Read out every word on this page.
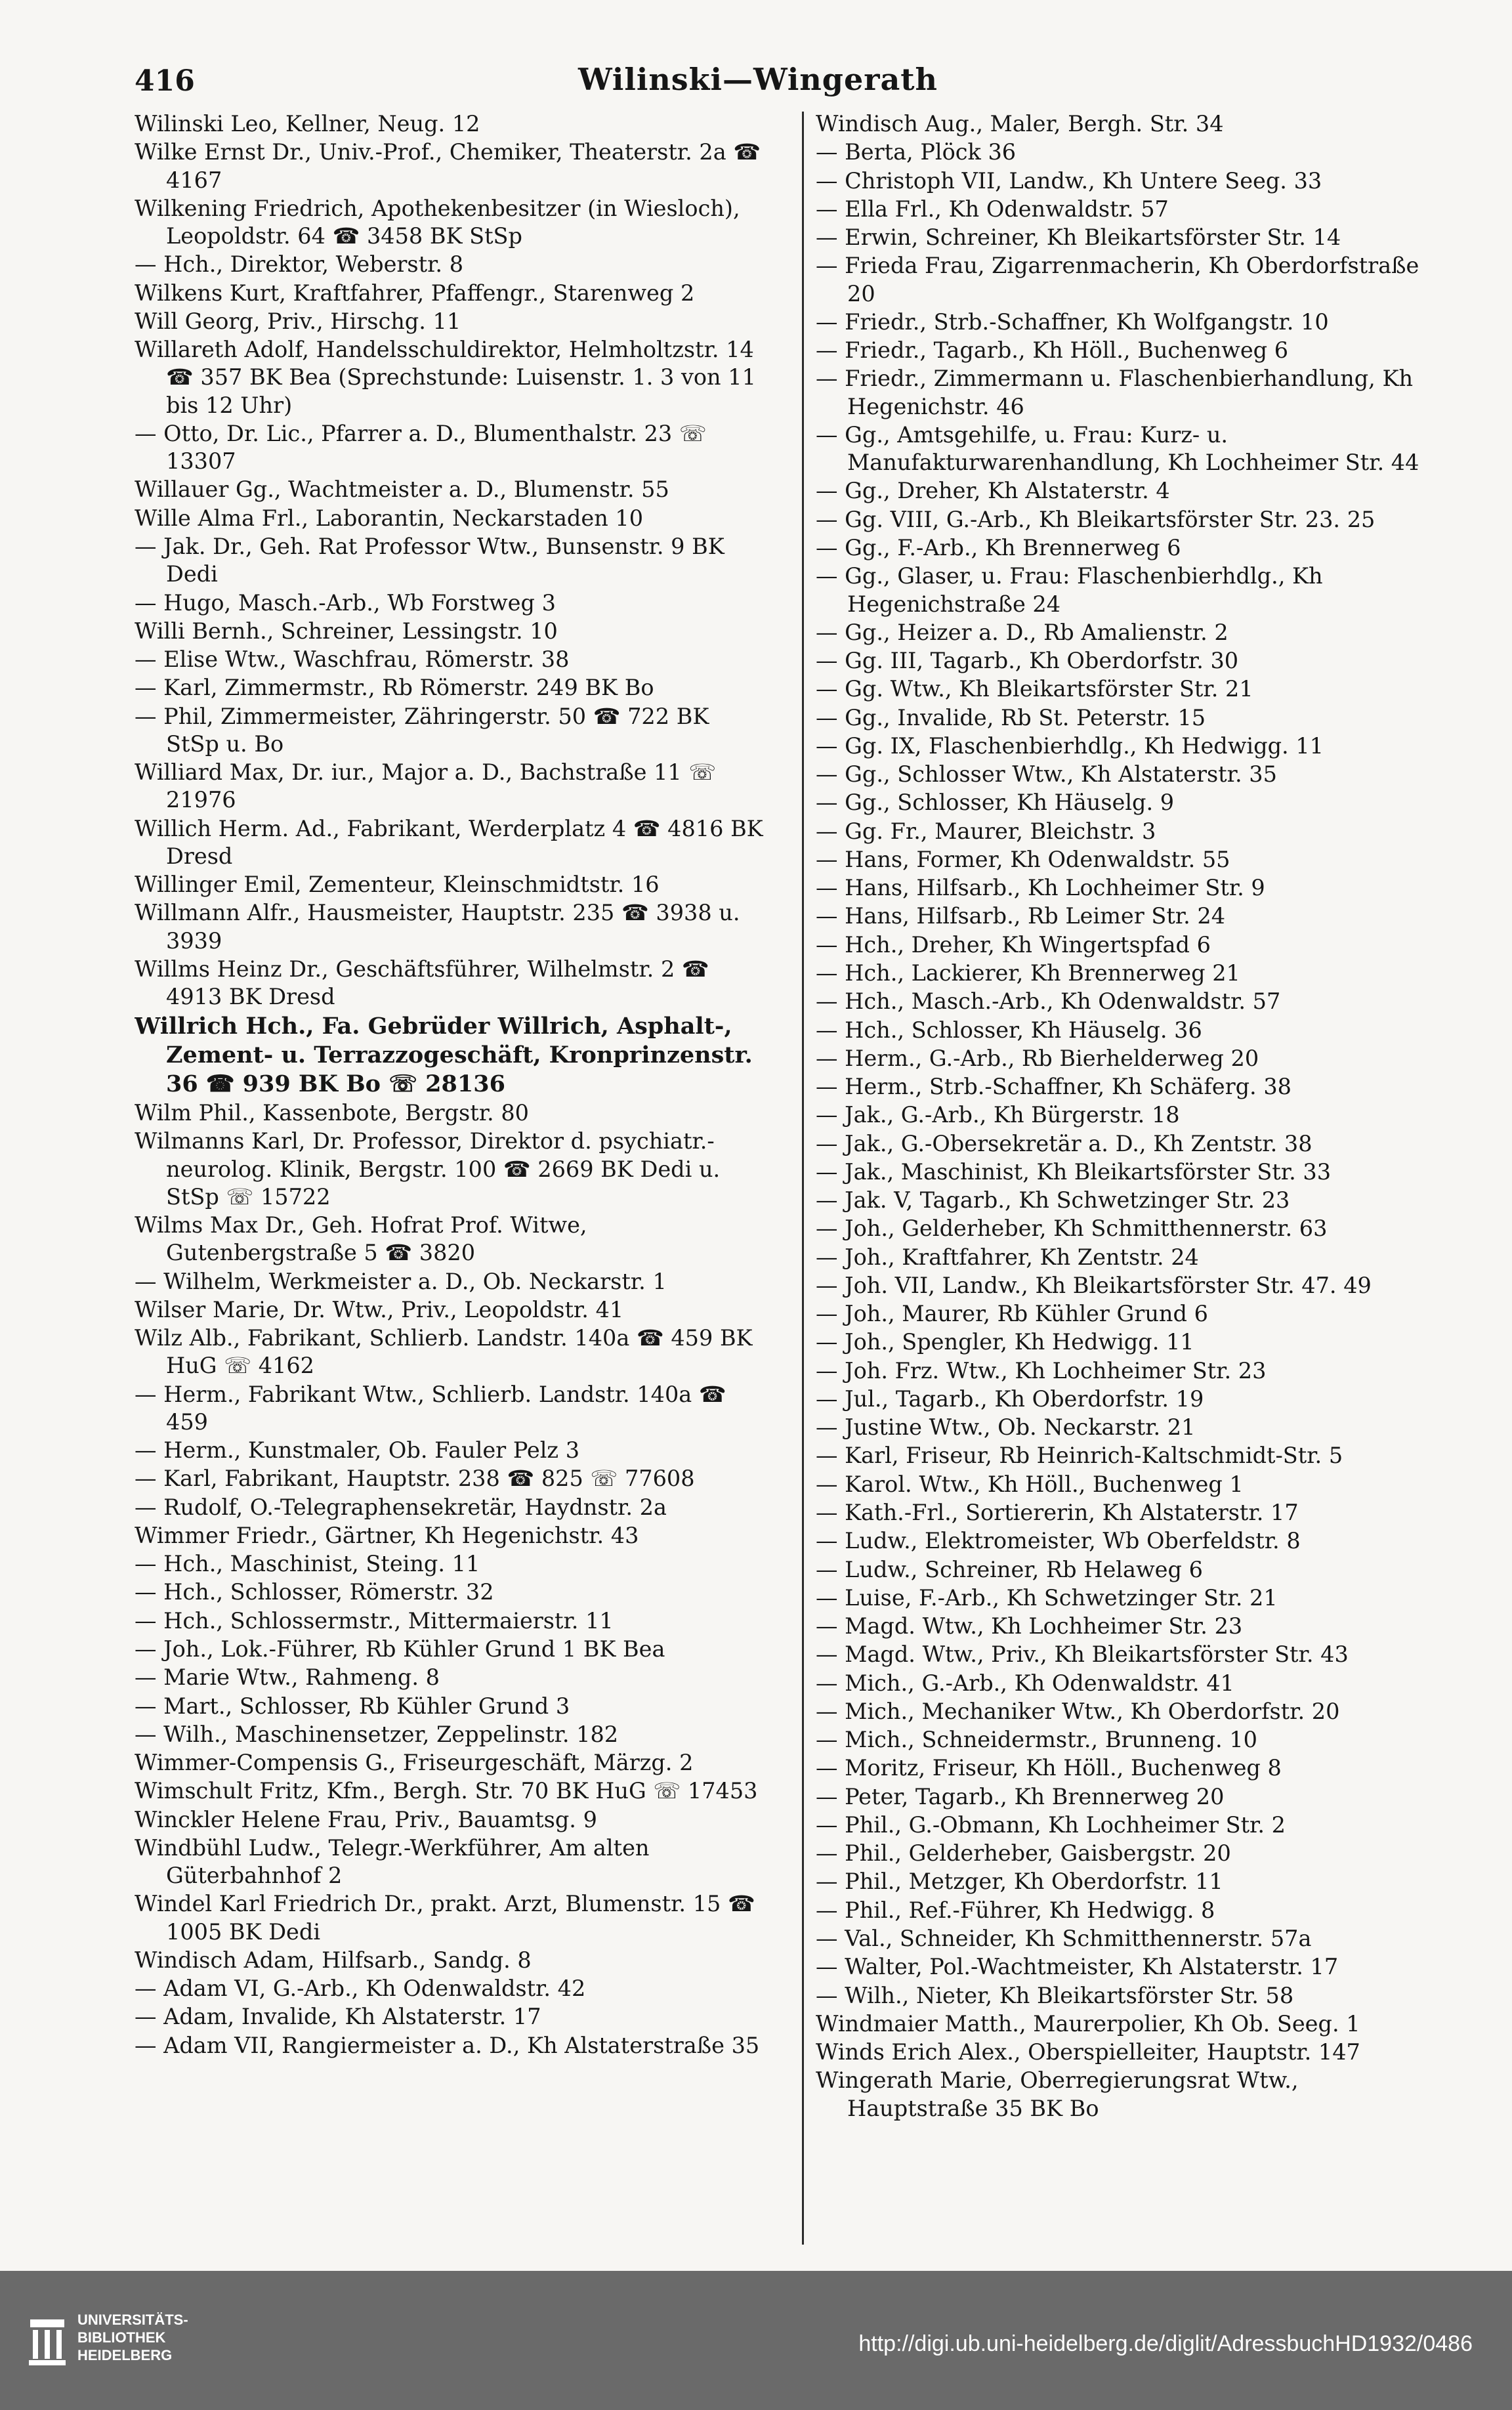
416	Wilinski—Wingerath
Wilinski Leo, Kellner, Neug. 12
Wilke Ernst Dr., Univ.-Prof., Chemiker, Theaterstr. 2a ☎ 4167
Wilkening Friedrich, Apothekenbesitzer (in Wiesloch), Leopoldstr. 64 ☎ 3458 BK StSp
— Hch., Direktor, Weberstr. 8
Wilkens Kurt, Kraftfahrer, Pfaffengr., Starenweg 2
Will Georg, Priv., Hirschg. 11
Willareth Adolf, Handelsschuldirektor, Helmholtzstr. 14 ☎ 357 BK Bea (Sprechstunde: Luisenstr. 1. 3 von 11 bis 12 Uhr)
— Otto, Dr. Lic., Pfarrer a. D., Blumenthalstr. 23 ☏ 13307
Willauer Gg., Wachtmeister a. D., Blumenstr. 55
Wille Alma Frl., Laborantin, Neckarstaden 10
— Jak. Dr., Geh. Rat Professor Wtw., Bunsenstr. 9 BK Dedi
— Hugo, Masch.-Arb., Wb Forstweg 3
Willi Bernh., Schreiner, Lessingstr. 10
— Elise Wtw., Waschfrau, Römerstr. 38
— Karl, Zimmermstr., Rb Römerstr. 249 BK Bo
— Phil, Zimmermeister, Zähringerstr. 50 ☎ 722 BK StSp u. Bo
Williard Max, Dr. iur., Major a. D., Bachstraße 11 ☏ 21976
Willich Herm. Ad., Fabrikant, Werderplatz 4 ☎ 4816 BK Dresd
Willinger Emil, Zementeur, Kleinschmidtstr. 16
Willmann Alfr., Hausmeister, Hauptstr. 235 ☎ 3938 u. 3939
Willms Heinz Dr., Geschäftsführer, Wilhelmstr. 2 ☎ 4913 BK Dresd
Willrich Hch., Fa. Gebrüder Willrich, Asphalt-, Zement- u. Terrazzogeschäft, Kronprinzenstr. 36 ☎ 939 BK Bo ☏ 28136
Wilm Phil., Kassenbote, Bergstr. 80
Wilmanns Karl, Dr. Professor, Direktor d. psychiatr.-neurolog. Klinik, Bergstr. 100 ☎ 2669 BK Dedi u. StSp ☏ 15722
Wilms Max Dr., Geh. Hofrat Prof. Witwe, Gutenbergstraße 5 ☎ 3820
— Wilhelm, Werkmeister a. D., Ob. Neckarstr. 1
Wilser Marie, Dr. Wtw., Priv., Leopoldstr. 41
Wilz Alb., Fabrikant, Schlierb. Landstr. 140a ☎ 459 BK HuG ☏ 4162
— Herm., Fabrikant Wtw., Schlierb. Landstr. 140a ☎ 459
— Herm., Kunstmaler, Ob. Fauler Pelz 3
— Karl, Fabrikant, Hauptstr. 238 ☎ 825 ☏ 77608
— Rudolf, O.-Telegraphensekretär, Haydnstr. 2a
Wimmer Friedr., Gärtner, Kh Hegenichstr. 43
— Hch., Maschinist, Steing. 11
— Hch., Schlosser, Römerstr. 32
— Hch., Schlossermstr., Mittermaierstr. 11
— Joh., Lok.-Führer, Rb Kühler Grund 1 BK Bea
— Marie Wtw., Rahmeng. 8
— Mart., Schlosser, Rb Kühler Grund 3
— Wilh., Maschinensetzer, Zeppelinstr. 182
Wimmer-Compensis G., Friseurgeschäft, Märzg. 2
Wimschult Fritz, Kfm., Bergh. Str. 70 BK HuG ☏ 17453
Winckler Helene Frau, Priv., Bauamtsg. 9
Windbühl Ludw., Telegr.-Werkführer, Am alten Güterbahnhof 2
Windel Karl Friedrich Dr., prakt. Arzt, Blumenstr. 15 ☎ 1005 BK Dedi
Windisch Adam, Hilfsarb., Sandg. 8
— Adam VI, G.-Arb., Kh Odenwaldstr. 42
— Adam, Invalide, Kh Alstaterstr. 17
— Adam VII, Rangiermeister a. D., Kh Alstaterstraße 35
Windisch Aug., Maler, Bergh. Str. 34
— Berta, Plöck 36
— Christoph VII, Landw., Kh Untere Seeg. 33
— Ella Frl., Kh Odenwaldstr. 57
— Erwin, Schreiner, Kh Bleikartsförster Str. 14
— Frieda Frau, Zigarrenmacherin, Kh Oberdorfstraße 20
— Friedr., Strb.-Schaffner, Kh Wolfgangstr. 10
— Friedr., Tagarb., Kh Höll., Buchenweg 6
— Friedr., Zimmermann u. Flaschenbierhandlung, Kh Hegenichstr. 46
— Gg., Amtsgehilfe, u. Frau: Kurz- u. Manufakturwarenhandlung, Kh Lochheimer Str. 44
— Gg., Dreher, Kh Alstaterstr. 4
— Gg. VIII, G.-Arb., Kh Bleikartsförster Str. 23. 25
— Gg., F.-Arb., Kh Brennerweg 6
— Gg., Glaser, u. Frau: Flaschenbierhdlg., Kh Hegenichstraße 24
— Gg., Heizer a. D., Rb Amalienstr. 2
— Gg. III, Tagarb., Kh Oberdorfstr. 30
— Gg. Wtw., Kh Bleikartsförster Str. 21
— Gg., Invalide, Rb St. Peterstr. 15
— Gg. IX, Flaschenbierhdlg., Kh Hedwigg. 11
— Gg., Schlosser Wtw., Kh Alstaterstr. 35
— Gg., Schlosser, Kh Häuselg. 9
— Gg. Fr., Maurer, Bleichstr. 3
— Hans, Former, Kh Odenwaldstr. 55
— Hans, Hilfsarb., Kh Lochheimer Str. 9
— Hans, Hilfsarb., Rb Leimer Str. 24
— Hch., Dreher, Kh Wingertspfad 6
— Hch., Lackierer, Kh Brennerweg 21
— Hch., Masch.-Arb., Kh Odenwaldstr. 57
— Hch., Schlosser, Kh Häuselg. 36
— Herm., G.-Arb., Rb Bierhelderweg 20
— Herm., Strb.-Schaffner, Kh Schäferg. 38
— Jak., G.-Arb., Kh Bürgerstr. 18
— Jak., G.-Obersekretär a. D., Kh Zentstr. 38
— Jak., Maschinist, Kh Bleikartsförster Str. 33
— Jak. V, Tagarb., Kh Schwetzinger Str. 23
— Joh., Gelderheber, Kh Schmitthennerstr. 63
— Joh., Kraftfahrer, Kh Zentstr. 24
— Joh. VII, Landw., Kh Bleikartsförster Str. 47. 49
— Joh., Maurer, Rb Kühler Grund 6
— Joh., Spengler, Kh Hedwigg. 11
— Joh. Frz. Wtw., Kh Lochheimer Str. 23
— Jul., Tagarb., Kh Oberdorfstr. 19
— Justine Wtw., Ob. Neckarstr. 21
— Karl, Friseur, Rb Heinrich-Kaltschmidt-Str. 5
— Karol. Wtw., Kh Höll., Buchenweg 1
— Kath.-Frl., Sortiererin, Kh Alstaterstr. 17
— Ludw., Elektromeister, Wb Oberfeldstr. 8
— Ludw., Schreiner, Rb Helaweg 6
— Luise, F.-Arb., Kh Schwetzinger Str. 21
— Magd. Wtw., Kh Lochheimer Str. 23
— Magd. Wtw., Priv., Kh Bleikartsförster Str. 43
— Mich., G.-Arb., Kh Odenwaldstr. 41
— Mich., Mechaniker Wtw., Kh Oberdorfstr. 20
— Mich., Schneidermstr., Brunneng. 10
— Moritz, Friseur, Kh Höll., Buchenweg 8
— Peter, Tagarb., Kh Brennerweg 20
— Phil., G.-Obmann, Kh Lochheimer Str. 2
— Phil., Gelderheber, Gaisbergstr. 20
— Phil., Metzger, Kh Oberdorfstr. 11
— Phil., Ref.-Führer, Kh Hedwigg. 8
— Val., Schneider, Kh Schmitthennerstr. 57a
— Walter, Pol.-Wachtmeister, Kh Alstaterstr. 17
— Wilh., Nieter, Kh Bleikartsförster Str. 58
Windmaier Matth., Maurerpolier, Kh Ob. Seeg. 1
Winds Erich Alex., Oberspielleiter, Hauptstr. 147
Wingerath Marie, Oberregierungsrat Wtw., Hauptstraße 35 BK Bo
UNIVERSITÄTS-
BIBLIOTHEK
HEIDELBERG	http://digi.ub.uni-heidelberg.de/diglit/AdressbuchHD1932/0486
